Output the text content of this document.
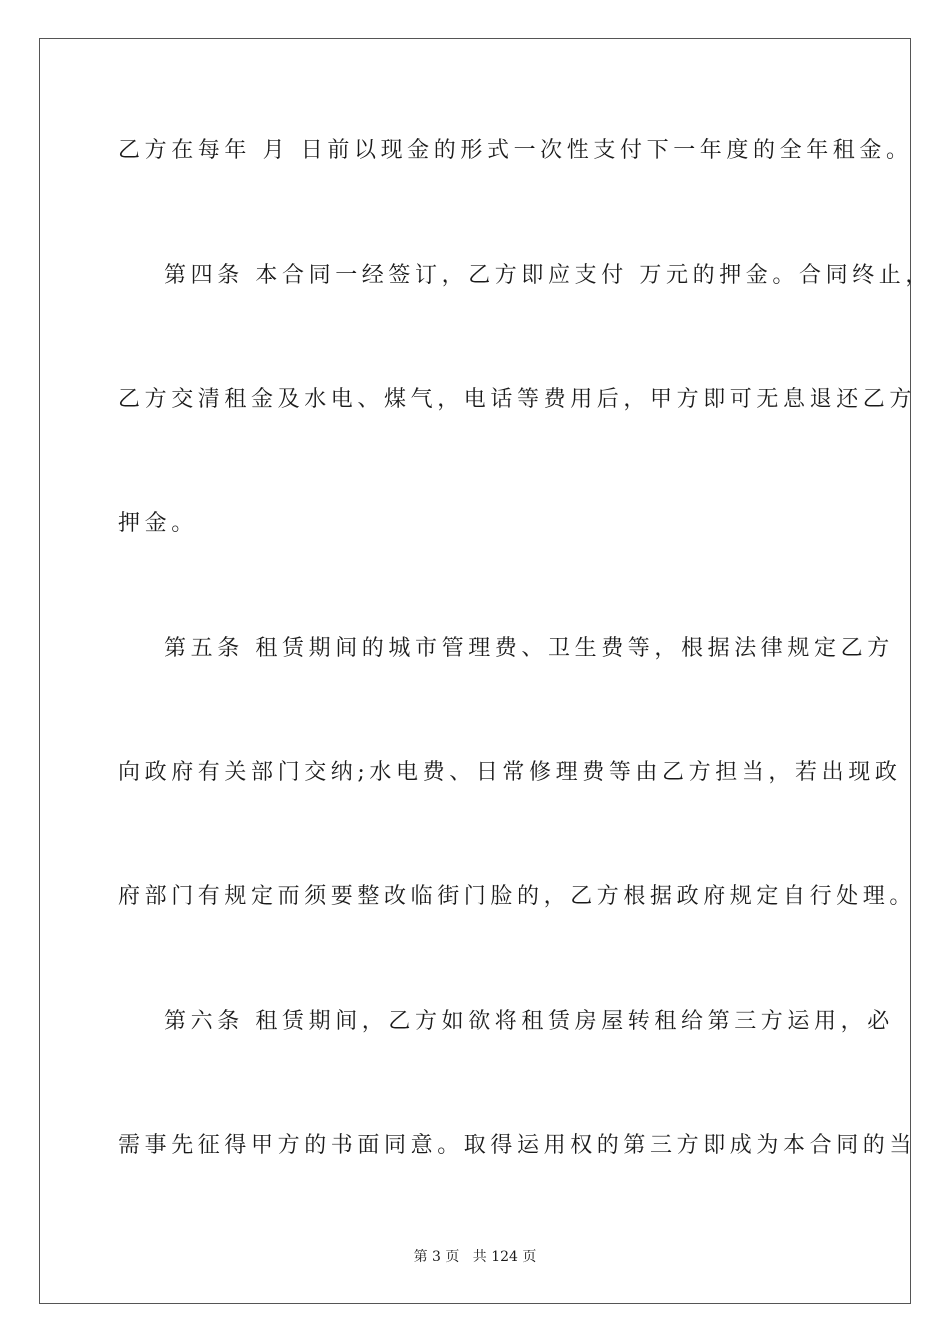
乙方在每年 月 日前以现金的形式一次性支付下一年度的全年租金。
第四条 本合同一经签订，乙方即应支付 万元的押金。合同终止，
乙方交清租金及水电、煤气，电话等费用后，甲方即可无息退还乙方
押金。
第五条 租赁期间的城市管理费、卫生费等，根据法律规定乙方
向政府有关部门交纳;水电费、日常修理费等由乙方担当，若出现政
府部门有规定而须要整改临街门脸的，乙方根据政府规定自行处理。
第六条 租赁期间，乙方如欲将租赁房屋转租给第三方运用，必
需事先征得甲方的书面同意。取得运用权的第三方即成为本合同的当
第 3 页   共 124 页
